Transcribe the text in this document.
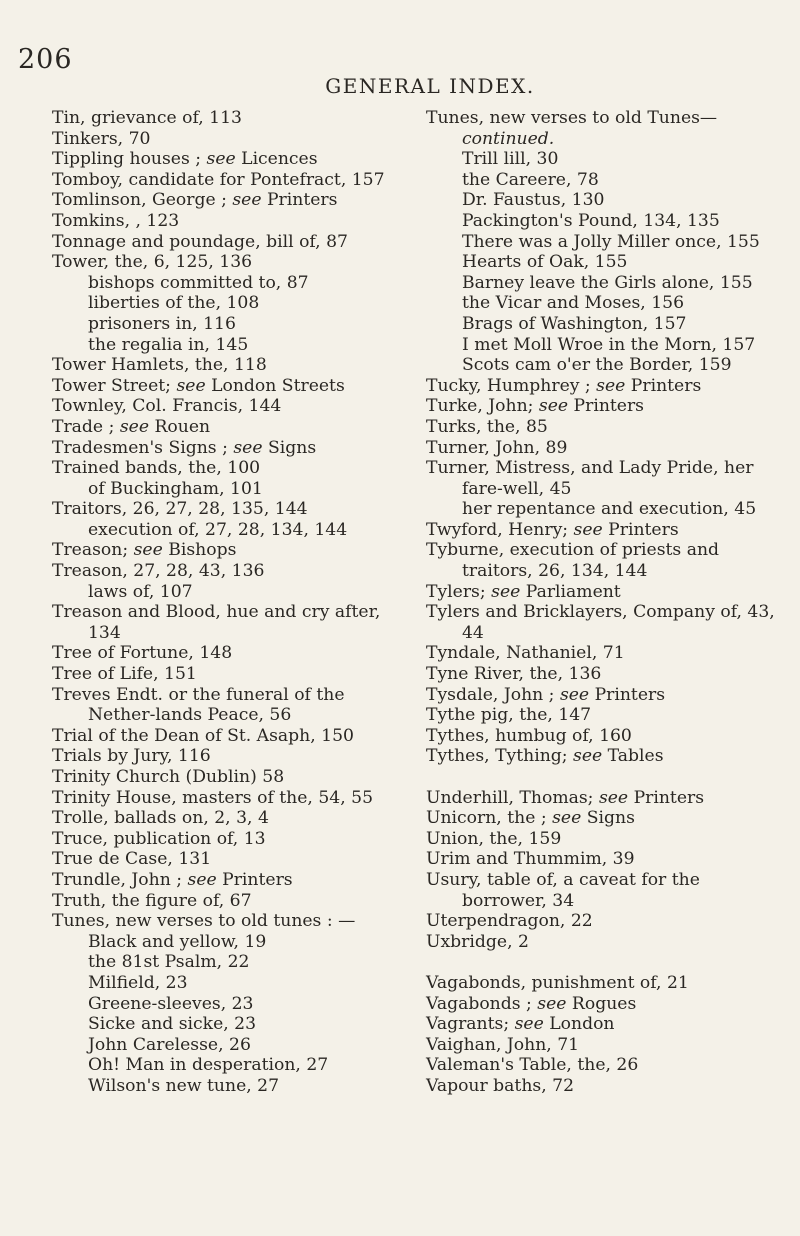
206
GENERAL INDEX.
Tin, grievance of, 113
Tinkers, 70
Tippling houses ; see Licences
Tomboy, candidate for Pontefract, 157
Tomlinson, George ; see Printers
Tomkins, , 123
Tonnage and poundage, bill of, 87
Tower, the, 6, 125, 136
bishops committed to, 87
liberties of the, 108
prisoners in, 116
the regalia in, 145
Tower Hamlets, the, 118
Tower Street; see London Streets
Townley, Col. Francis, 144
Trade ; see Rouen
Tradesmen's Signs ; see Signs
Trained bands, the, 100
of Buckingham, 101
Traitors, 26, 27, 28, 135, 144
execution of, 27, 28, 134, 144
Treason; see Bishops
Treason, 27, 28, 43, 136
laws of, 107
Treason and Blood, hue and cry after, 134
Tree of Fortune, 148
Tree of Life, 151
Treves Endt. or the funeral of the Nether-lands Peace, 56
Trial of the Dean of St. Asaph, 150
Trials by Jury, 116
Trinity Church (Dublin) 58
Trinity House, masters of the, 54, 55
Trolle, ballads on, 2, 3, 4
Truce, publication of, 13
True de Case, 131
Trundle, John ; see Printers
Truth, the figure of, 67
Tunes, new verses to old tunes : —
Black and yellow, 19
the 81st Psalm, 22
Milfield, 23
Greene-sleeves, 23
Sicke and sicke, 23
John Carelesse, 26
Oh! Man in desperation, 27
Wilson's new tune, 27
Tunes, new verses to old Tunes—continued.
Trill lill, 30
the Careere, 78
Dr. Faustus, 130
Packington's Pound, 134, 135
There was a Jolly Miller once, 155
Hearts of Oak, 155
Barney leave the Girls alone, 155
the Vicar and Moses, 156
Brags of Washington, 157
I met Moll Wroe in the Morn, 157
Scots cam o'er the Border, 159
Tucky, Humphrey ; see Printers
Turke, John; see Printers
Turks, the, 85
Turner, John, 89
Turner, Mistress, and Lady Pride, her fare-well, 45
her repentance and execution, 45
Twyford, Henry; see Printers
Tyburne, execution of priests and traitors, 26, 134, 144
Tylers; see Parliament
Tylers and Bricklayers, Company of, 43, 44
Tyndale, Nathaniel, 71
Tyne River, the, 136
Tysdale, John ; see Printers
Tythe pig, the, 147
Tythes, humbug of, 160
Tythes, Tything; see Tables
Underhill, Thomas; see Printers
Unicorn, the ; see Signs
Union, the, 159
Urim and Thummim, 39
Usury, table of, a caveat for the borrower, 34
Uterpendragon, 22
Uxbridge, 2
Vagabonds, punishment of, 21
Vagabonds ; see Rogues
Vagrants; see London
Vaighan, John, 71
Valeman's Table, the, 26
Vapour baths, 72
